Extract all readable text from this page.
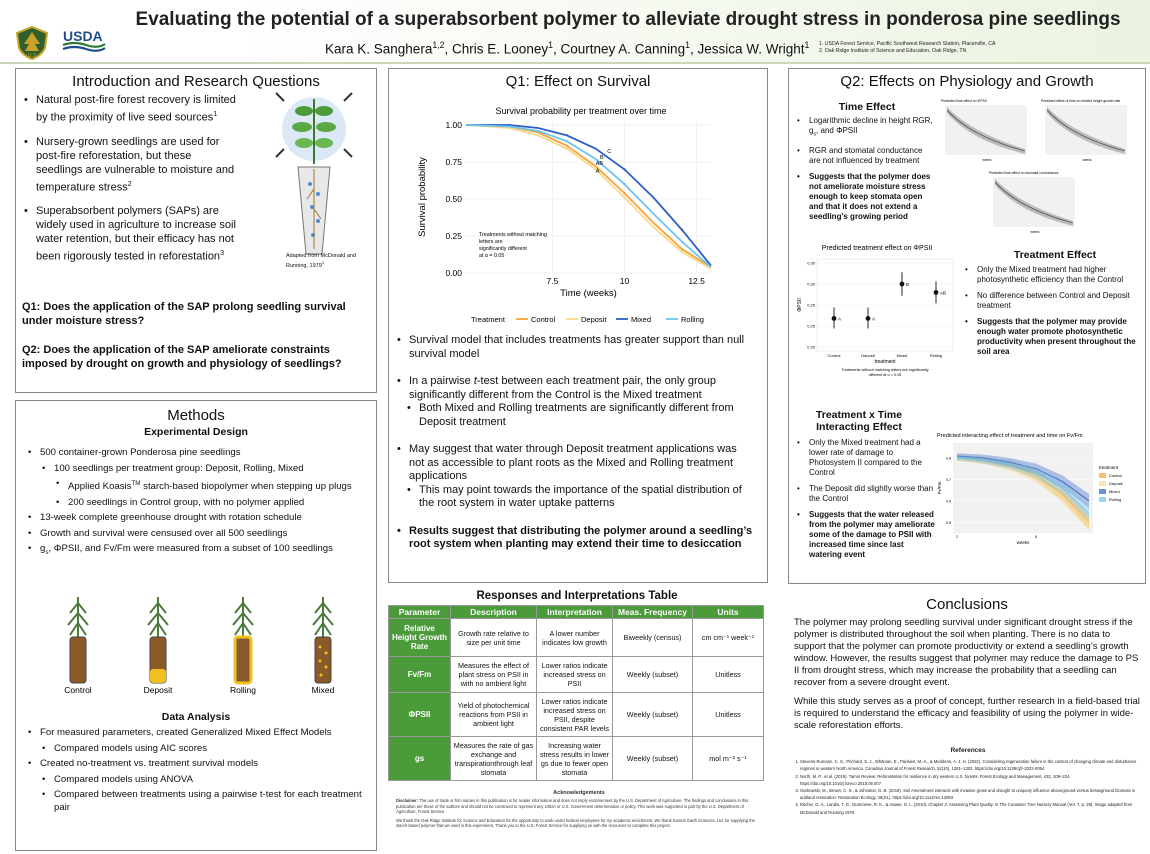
U S
USDA
Evaluating the potential of a superabsorbent polymer to alleviate drought stress in ponderosa pine seedlings
Kara K. Sanghera$^{1,2}$, Chris E. Looney$^1$, Courtney A. Canning$^1$, Jessica W. Wright$^1$ 1. USDA Forest Service, Pacific Southwest Research Station, Placerville, CA
2. Oak Ridge Institute of Science and Education, Oak Ridge, TN
Introduction and Research Questions
• Natural post-fire forest recovery is limited by the proximity of live seed sources$^1$
• Nursery-grown seedlings are used for post-fire reforestation, but these seedlings are vulnerable to moisture and temperature stress$^2$
• Superabsorbent polymers (SAPs) are widely used in agriculture to increase soil water retention, but their efficacy has not been rigorously tested in reforestation$^3$	Adapted from McDonald and Running, 1979$^4$
Q1: Does the application of the SAP prolong seedling survival under moisture stress?
Q2: Does the application of the SAP ameliorate constraints imposed by drought on growth and physiology of seedlings?
Methods
Experimental Design
• 500 container-grown Ponderosa pine seedlings
• 100 seedlings per treatment group: Deposit, Rolling, Mixed
• Applied Koasis™ starch-based biopolymer when stepping up plugs
• 200 seedlings in Control group, with no polymer applied
• 13-week complete greenhouse drought with rotation schedule
• Growth and survival were censused over all 500 seedlings
• $g_s$, ΦPSII, and Fv/Fm were measured from a subset of 100 seedlings
Control	Deposit	Rolling	Mixed
Data Analysis
• For measured parameters, created Generalized Mixed Effect Models
• Compared models using AIC scores
• Created no-treatment vs. treatment survival models
• Compared models using ANOVA
• Compared between treatments using a pairwise t-test for each treatment pair
Q1: Effect on Survival
Survival probability per treatment over time
0.00
0.25
0.50
0.75
1.00
7.5	10	12.5
Time (weeks)
Survival probability	A
AB
B
C
Treatments without matching letters are significantly different at α = 0.05
Treatment	Control	Deposit	Mixed	Rolling
• Survival model that includes treatments has greater support than null survival model
• In a pairwise t-test between each treatment pair, the only group significantly different from the Control is the Mixed treatment
• Both Mixed and Rolling treatments are significantly different from Deposit treatment
• May suggest that water through Deposit treatment applications was not as accessible to plant roots as the Mixed and Rolling treatment applications
• This may point towards the importance of the spatial distribution of the root system in water uptake patterns
• Results suggest that distributing the polymer around a seedling’s root system when planting may extend their time to desiccation
Responses and Interpretations Table
Parameter	Description	Interpretation	Meas. Frequency	Units
Relative Height Growth Rate	Growth rate relative to size per unit time	A lower number indicates low growth	Biweekly (census)	cm cm⁻¹ week⁻¹
Fv/Fm	Measures the effect of plant stress on PSII in with no ambient light	Lower ratios indicate increased stress on PSII	Weekly (subset)	Unitless
ΦPSII	Yield of photochemical reactions from PSII in ambient light	Lower ratios indicate increased stress on PSII, despite consistent PAR levels	Weekly (subset)	Unitless
gs	Measures the rate of gas exchange and transpirationthrough leaf stomata	Increasing water stress results in lower gs due to fewer open stomata	Weekly (subset)	mol m⁻² s⁻¹
Acknowledgements
Disclaimer: The use of trade or firm names in this publication is for reader information and does not imply endorsement by the U.S. Department of Agriculture. The findings and conclusions in this publication are those of the authors and should not be construed to represent any USDA or U.S. Government determination or policy. This work was supported in part by the U.S. Department of Agriculture, Forest Service.
We thank the Oak Ridge Institute for Science and Education for the opportunity to work under federal employees for my academic enrichment. We thank Kannar Earth Sciences, Ltd. for supplying the starch-based polymer that we used in this experiment. Thank you to the U.S. Forest Service for supplying us with the resources to complete this project.
Q2: Effects on Physiology and Growth
Time Effect
• Logarithmic decline in height RGR, $g_s$, and ΦPSII
• RGR and stomatal conductance are not influenced by treatment
• Suggests that the polymer does not ameliorate moisture stress enough to keep stomata open and that it does not extend a seedling’s growing period
Predicted time effect on ΦPSII
weeks
Predicted effect of time on relative height growth rate
weeks
Predicted time effect on stomatal conductance
weeks
Predicted treatment effect on ΦPSII
0.20
0.25
0.25
0.30
0.30
ΦPSII
A
Control
A
Deposit
B
Mixed
AB
Rolling
treatment
Treatments without matching letters are significantly
different at α = 0.05
Treatment Effect
• Only the Mixed treatment had higher photosynthetic efficiency than the Control
• No difference between Control and Deposit treatment
• Suggests that the polymer may provide enough water promote photosynthetic productivity when present throughout the soil area
Treatment x Time Interacting Effect
• Only the Mixed treatment had a lower rate of damage to Photosystem II compared to the Control
• The Deposit did slightly worse than the Control
• Suggests that the water released from the polymer may ameliorate some of the damage to PSII with increased time since last watering event
Predicted interacting effect of treatment and time on Fv/Fm
0.5
0.6
0.7
0.8
2	8
weeks
Fv/Fm
treatment
Control
Deposit
Mixed
Rolling
Conclusions

The polymer may prolong seedling survival under significant drought stress if the polymer is distributed throughout the soil when planting. There is no data to support that the polymer can promote productivity or extend a seedling’s growth window. However, the results suggest that polymer may reduce the damage to PS II from drought stress, which may increase the probability that a seedling can recover from a severe drought event.

While this study serves as a proof of concept, further research in a field-based trial is required to understand the efficacy and feasibility of using the polymer in wide-scale reforestation efforts.

References
1. Stevens-Rumann, C. S., Prichard, S. J., Whitman, E., Parisien, M.-A., & Meddens, A. J. H. (2022). Considering regeneration failure in the context of changing climate and disturbance regimes in western North America. Canadian Journal of Forest Research, 52(10), 1281–1302. https://doi.org/10.1139/cjfr-2022-0054
2. North, M. P., et al. (2019). Tamm Review: Reforestation for resilience in dry western U.S. forests. Forest Ecology and Management, 432, 209–224. https://doi.org/10.1016/j.foreco.2018.09.007
3. Garbowski, M., Brown, C. S., & Johnston, D. B. (2019). Soil Amendment interacts with invasive grass and drought to uniquely influence aboveground versus belowground biomass in aridland restoration. Restoration Ecology, 28(S1). https://doi.org/10.1111/rec.13083
4. Ritchie, G. A., Landis, T. D., Dumroese, R. K., & Haase, D. L. (2010). Chapter 2: Assessing Plant Quality. In The Container Tree Nursery Manual (Vol. 7, p. 29). Image adapted from McDonald and Running 1979.
